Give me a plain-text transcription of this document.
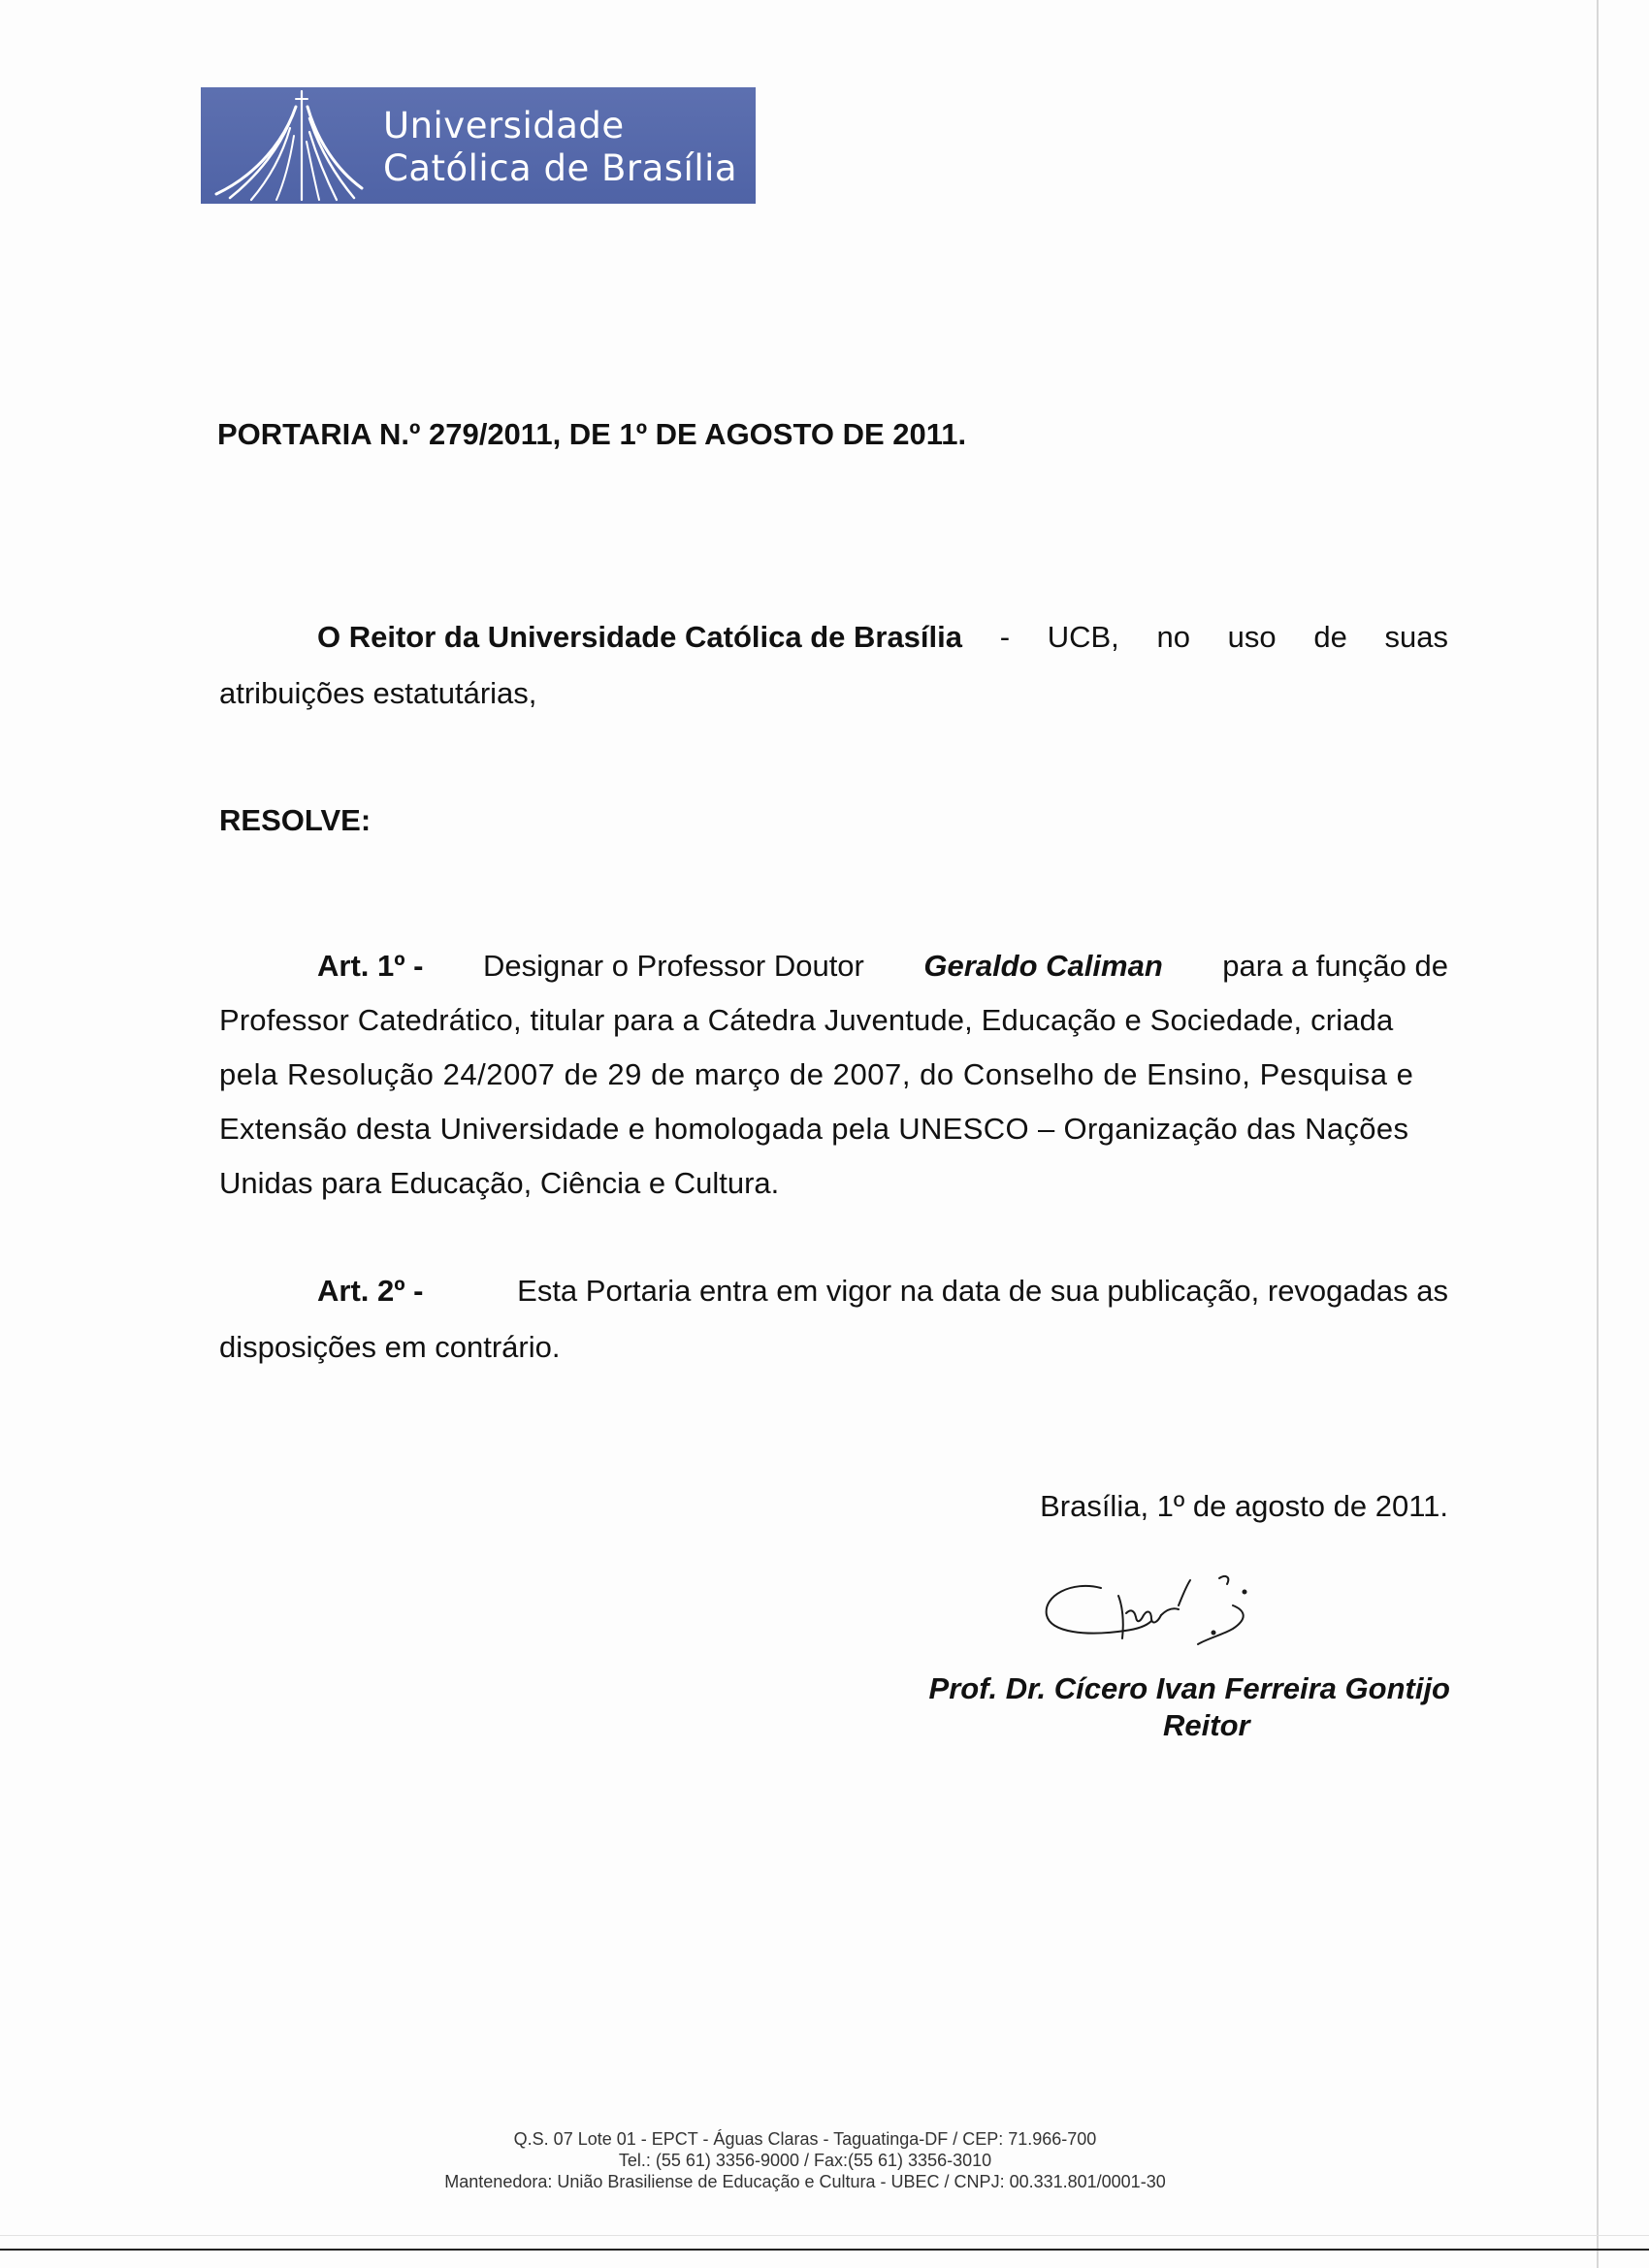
Universidade
Católica de Brasília
PORTARIA N.º 279/2011, DE 1º DE AGOSTO DE 2011.
O Reitor da Universidade Católica de Brasília - UCB, no uso de suas
atribuições estatutárias,
RESOLVE:
Art. 1º - Designar o Professor Doutor Geraldo Caliman para a função de
Professor Catedrático, titular para a Cátedra Juventude, Educação e Sociedade, criada
pela Resolução 24/2007 de 29 de março de 2007, do Conselho de Ensino, Pesquisa e
Extensão desta Universidade e homologada pela UNESCO – Organização das Nações
Unidas para Educação, Ciência e Cultura.
Art. 2º -	Esta Portaria entra em vigor na data de sua publicação, revogadas as
disposições em contrário.
Brasília, 1º de agosto de 2011.
Prof. Dr. Cícero Ivan Ferreira Gontijo
Reitor
Q.S. 07 Lote 01 - EPCT - Águas Claras - Taguatinga-DF / CEP: 71.966-700
Tel.: (55 61) 3356-9000 / Fax:(55 61) 3356-3010
Mantenedora: União Brasiliense de Educação e Cultura - UBEC / CNPJ: 00.331.801/0001-30
